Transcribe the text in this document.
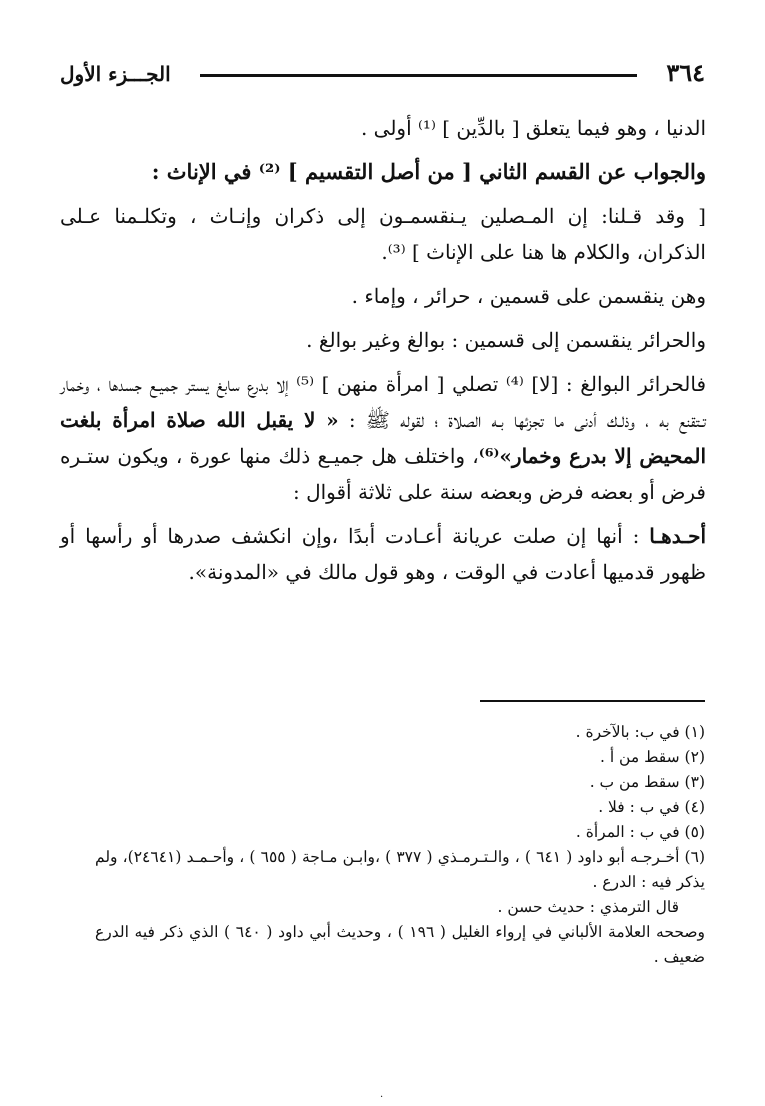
٣٦٤
الجـــزء الأول

الدنيا ، وهو فيما يتعلق [ بالدِّين ] ⁽¹⁾ أولى .

والجواب عن القسم الثاني [ من أصل التقسيم ] ⁽²⁾ في الإناث :

[ وقد قـلنا: إن المـصلين يـنقسمـون إلى ذكران وإنـاث ، وتكلـمنا عـلى الذكران، والكلام ها هنا على الإناث ] ⁽³⁾.

وهن ينقسمن على قسمين ، حرائر ، وإماء .

والحرائر ينقسمن إلى قسمين : بوالغ وغير بوالغ .

فالحرائر البوالغ : [لا] ⁽⁴⁾ تصلي [ امرأة منهن ] ⁽⁵⁾ إلا بدرع سابغ يستر جميـع جسدها ، وخمار تـتقنع به ، وذلـك أدنى ما تجزئها بـه الصلاة ؛ لقوله ﷺ : « لا يقبل الله صلاة امرأة بلغت المحيض إلا بدرع وخمار»⁽⁶⁾، واختلف هل جميـع ذلك منها عورة ، ويكون ستـره فرض أو بعضه فرض وبعضه سنة على ثلاثة أقوال :

أحـدهـا : أنها إن صلت عريانة أعـادت أبدًا ،وإن انكشف صدرها أو رأسها أو ظهور قدميها أعادت في الوقت ، وهو قول مالك في «المدونة».

(١) في ب: بالآخرة .

(٢) سقط من أ .

(٣) سقط من ب .

(٤) في ب : فلا .

(٥) في ب : المرأة .

(٦) أخـرجـه أبو داود ( ٦٤١ ) ، والـتـرمـذي ( ٣٧٧ ) ،وابـن مـاجة ( ٦٥٥ ) ، وأحـمـد (٢٤٦٤١)، ولم يذكر فيه : الدرع .

قال الترمذي : حديث حسن .

وصححه العلامة الألباني في إرواء الغليل ( ١٩٦ ) ، وحديث أبي داود ( ٦٤٠ ) الذي ذكر فيه الدرع ضعيف .

.
